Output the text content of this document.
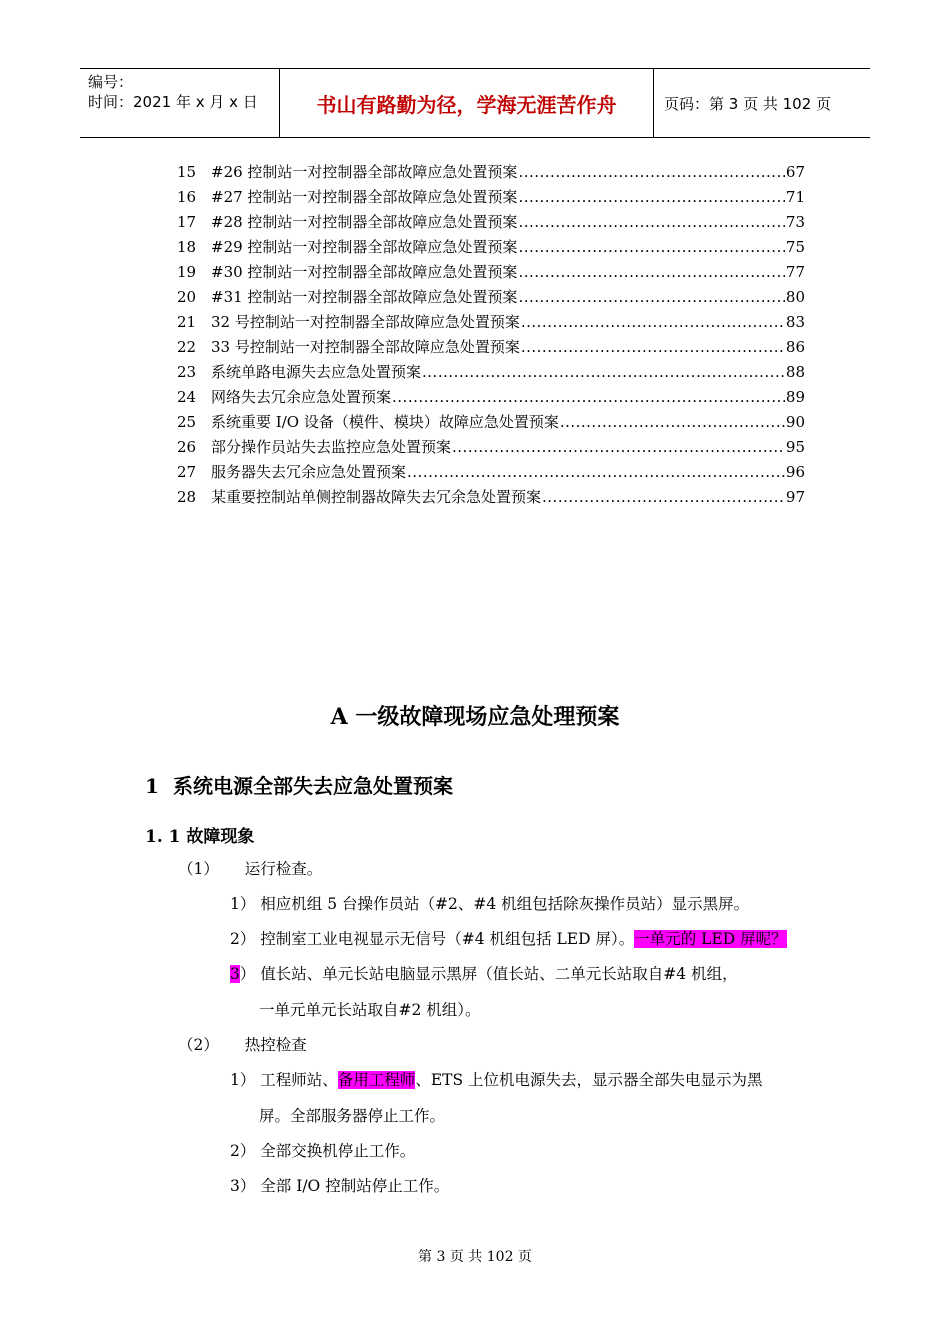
编号：
时间：2021 年 x 月 x 日	书山有路勤为径，学海无涯苦作舟	页码：第 3 页 共 102 页
15 #26 控制站一对控制器全部故障应急处置预案 .....	67
16 #27 控制站一对控制器全部故障应急处置预案 .....	71
17 #28 控制站一对控制器全部故障应急处置预案 .....	73
18 #29 控制站一对控制器全部故障应急处置预案 .....	75
19 #30 控制站一对控制器全部故障应急处置预案 .....	77
20 #31 控制站一对控制器全部故障应急处置预案 .....	80
21 32 号控制站一对控制器全部故障应急处置预案 .....	83
22 33 号控制站一对控制器全部故障应急处置预案 .....	86
23 系统单路电源失去应急处置预案 .....	88
24 网络失去冗余应急处置预案 .....	89
25 系统重要 I/O 设备（模件、模块）故障应急处置预案 .....	90
26 部分操作员站失去监控应急处置预案 .....	95
27 服务器失去冗余应急处置预案 .....	96
28 某重要控制站单侧控制器故障失去冗余急处置预案 .....	97
A 一级故障现场应急处理预案
1 系统电源全部失去应急处置预案
1. 1 故障现象
（1） 运行检查。
1） 相应机组 5 台操作员站（#2、#4 机组包括除灰操作员站）显示黑屏。
2） 控制室工业电视显示无信号（#4 机组包括 LED 屏）。一单元的 LED 屏呢？
3） 值长站、单元长站电脑显示黑屏（值长站、二单元长站取自#4 机组，
一单元单元长站取自#2 机组）。
（2） 热控检查
1） 工程师站、备用工程师、ETS 上位机电源失去，显示器全部失电显示为黑
屏。全部服务器停止工作。
2） 全部交换机停止工作。
3） 全部 I/O 控制站停止工作。
第 3 页 共 102 页
